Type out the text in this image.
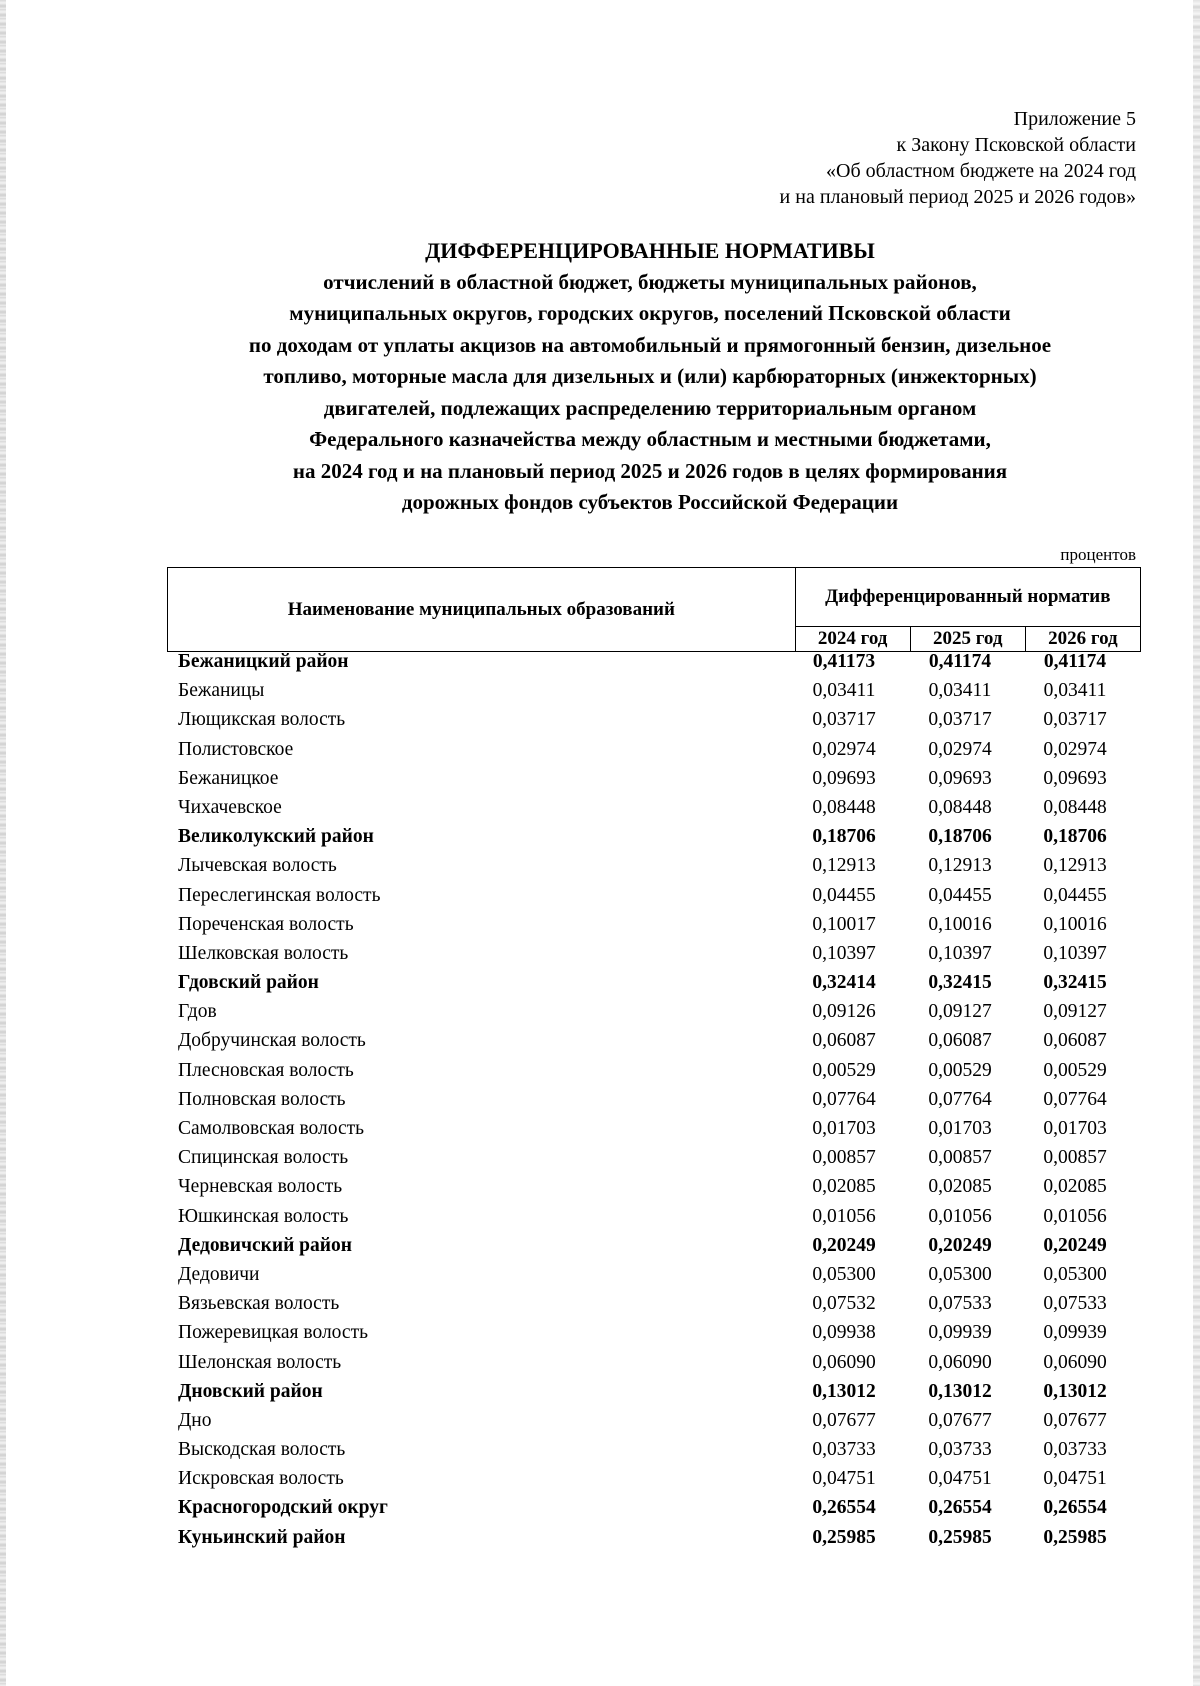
Приложение 5
к Закону Псковской области
«Об областном бюджете на 2024 год
и на плановый период 2025 и 2026 годов»
ДИФФЕРЕНЦИРОВАННЫЕ НОРМАТИВЫ
отчислений в областной бюджет, бюджеты муниципальных районов,
муниципальных округов, городских округов, поселений Псковской области
по доходам от уплаты акцизов на автомобильный и прямогонный бензин, дизельное
топливо, моторные масла для дизельных и (или) карбюраторных (инжекторных)
двигателей, подлежащих распределению территориальным органом
Федерального казначейства между областным и местными бюджетами,
на 2024 год и на плановый период 2025 и 2026 годов в целях формирования
дорожных фондов субъектов Российской Федерации
процентов
Наименование муниципальных образований	Дифференцированный норматив		
	2024 год	2025 год	2026 год
Бежаницкий район	0,41173	0,41174	0,41174
Бежаницы	0,03411	0,03411	0,03411
Лющикская волость	0,03717	0,03717	0,03717
Полистовское	0,02974	0,02974	0,02974
Бежаницкое	0,09693	0,09693	0,09693
Чихачевское	0,08448	0,08448	0,08448
Великолукский район	0,18706	0,18706	0,18706
Лычевская волость	0,12913	0,12913	0,12913
Переслегинская волость	0,04455	0,04455	0,04455
Пореченская волость	0,10017	0,10016	0,10016
Шелковская волость	0,10397	0,10397	0,10397
Гдовский район	0,32414	0,32415	0,32415
Гдов	0,09126	0,09127	0,09127
Добручинская волость	0,06087	0,06087	0,06087
Плесновская волость	0,00529	0,00529	0,00529
Полновская волость	0,07764	0,07764	0,07764
Самолвовская волость	0,01703	0,01703	0,01703
Спицинская волость	0,00857	0,00857	0,00857
Черневская волость	0,02085	0,02085	0,02085
Юшкинская волость	0,01056	0,01056	0,01056
Дедовичский район	0,20249	0,20249	0,20249
Дедовичи	0,05300	0,05300	0,05300
Вязьевская волость	0,07532	0,07533	0,07533
Пожеревицкая волость	0,09938	0,09939	0,09939
Шелонская волость	0,06090	0,06090	0,06090
Дновский район	0,13012	0,13012	0,13012
Дно	0,07677	0,07677	0,07677
Выскодская волость	0,03733	0,03733	0,03733
Искровская волость	0,04751	0,04751	0,04751
Красногородский округ	0,26554	0,26554	0,26554
Куньинский район	0,25985	0,25985	0,25985
